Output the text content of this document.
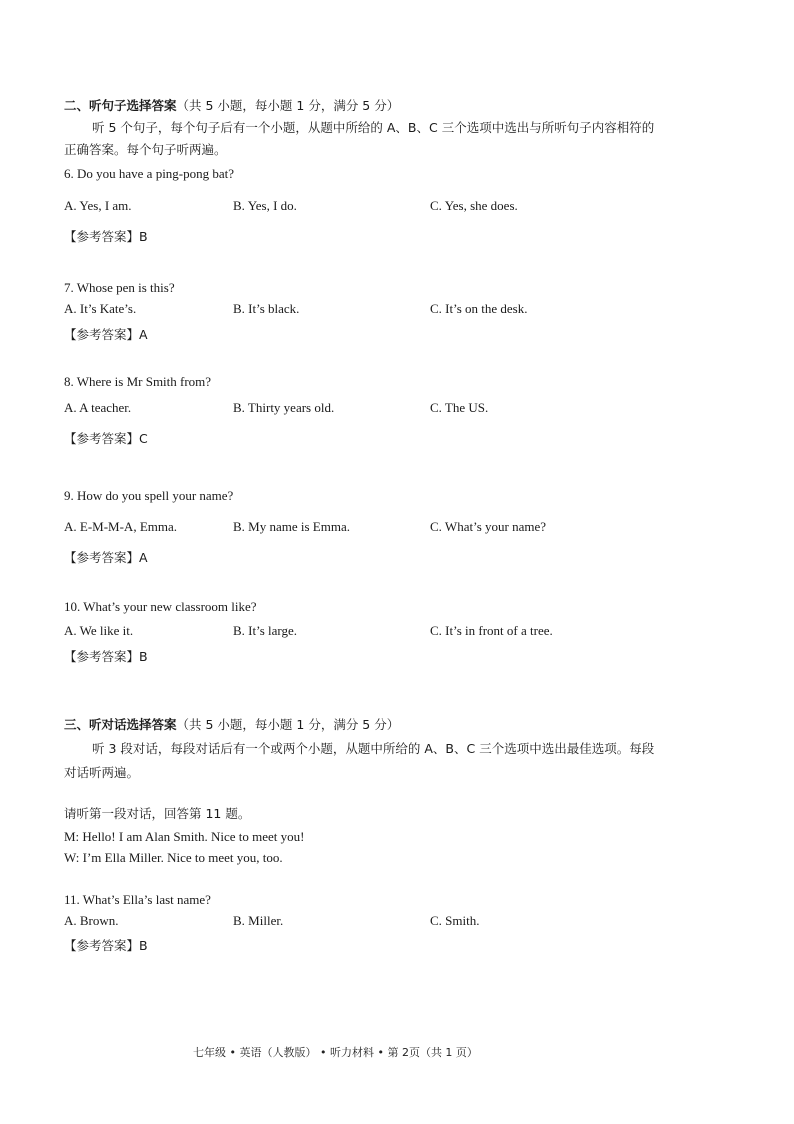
二、听句子选择答案（共 5 小题，每小题 1 分，满分 5 分）
听 5 个句子，每个句子后有一个小题，从题中所给的 A、B、C 三个选项中选出与所听句子内容相符的
正确答案。每个句子听两遍。
6. Do you have a ping-pong bat?
A. Yes, I am.	B. Yes, I do.	C. Yes, she does.
【参考答案】B
7. Whose pen is this?
A. It’s Kate’s.	B. It’s black.	C. It’s on the desk.
【参考答案】A
8. Where is Mr Smith from?
A. A teacher.	B. Thirty years old.	C. The US.
【参考答案】C
9. How do you spell your name?
A. E-M-M-A, Emma.	B. My name is Emma.	C. What’s your name?
【参考答案】A
10. What’s your new classroom like?
A. We like it.	B. It’s large.	C. It’s in front of a tree.
【参考答案】B
三、听对话选择答案（共 5 小题，每小题 1 分，满分 5 分）
听 3 段对话，每段对话后有一个或两个小题，从题中所给的 A、B、C 三个选项中选出最佳选项。每段
对话听两遍。
请听第一段对话，回答第 11 题。
M: Hello! I am Alan Smith. Nice to meet you!
W: I’m Ella Miller. Nice to meet you, too.
11. What’s Ella’s last name?
A. Brown.	B. Miller.	C. Smith.
【参考答案】B
七年级 • 英语（人教版） • 听力材料 • 第 2页（共 1 页）
